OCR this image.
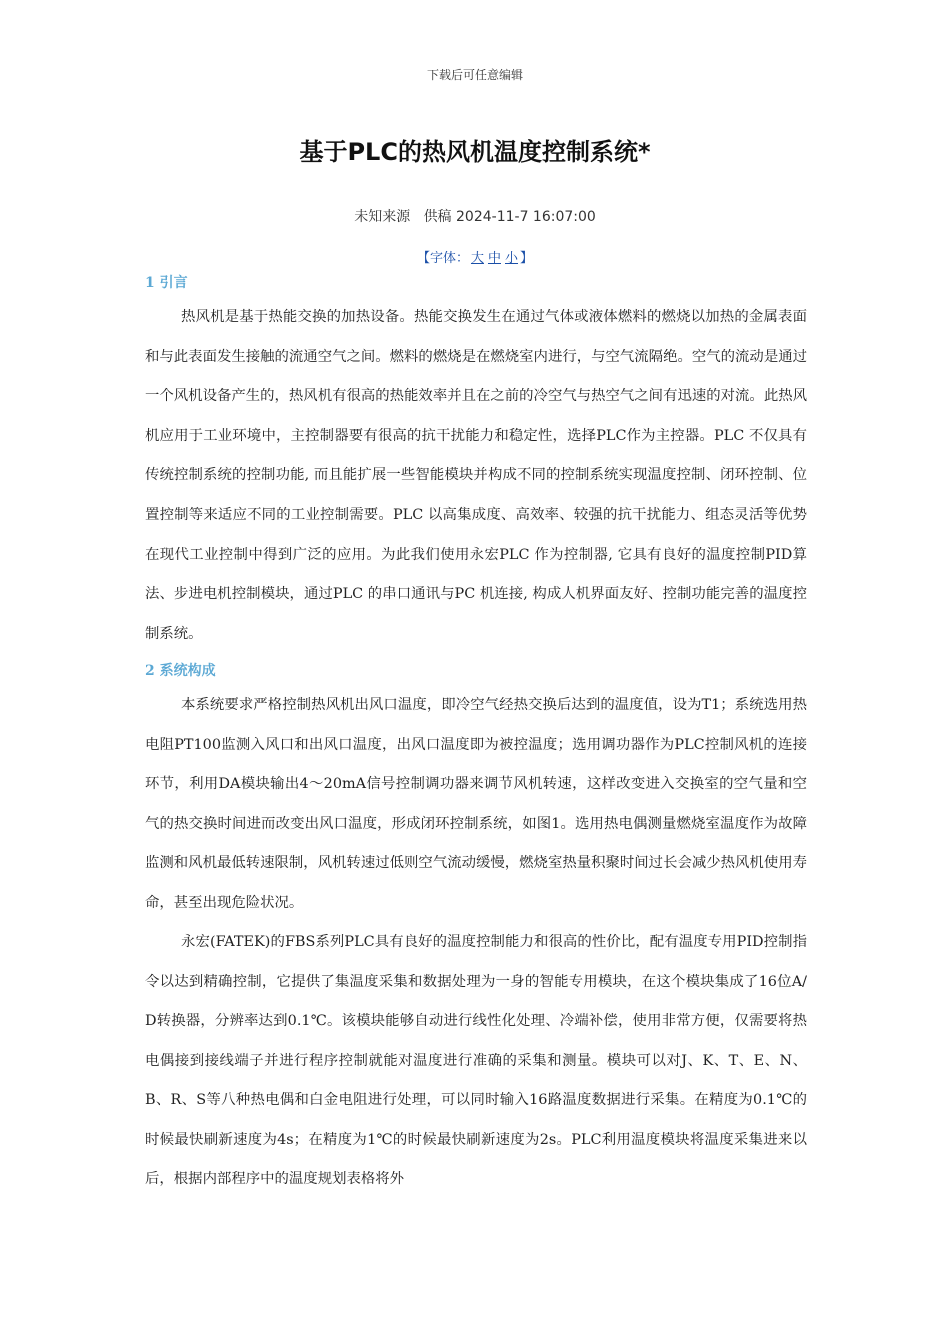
下载后可任意编辑
基于PLC的热风机温度控制系统*
未知来源 供稿 2024-11-7 16:07:00
【字体： 大 中 小 】
1 引言

热风机是基于热能交换的加热设备。热能交换发生在通过气体或液体燃料的燃烧以加热的金属表面和与此表面发生接触的流通空气之间。燃料的燃烧是在燃烧室内进行，与空气流隔绝。空气的流动是通过一个风机设备产生的，热风机有很高的热能效率并且在之前的冷空气与热空气之间有迅速的对流。此热风机应用于工业环境中，主控制器要有很高的抗干扰能力和稳定性，选择PLC作为主控器。PLC 不仅具有传统控制系统的控制功能, 而且能扩展一些智能模块并构成不同的控制系统实现温度控制、闭环控制、位置控制等来适应不同的工业控制需要。PLC 以高集成度、高效率、较强的抗干扰能力、组态灵活等优势在现代工业控制中得到广泛的应用。为此我们使用永宏PLC 作为控制器, 它具有良好的温度控制PID算法、步进电机控制模块，通过PLC 的串口通讯与PC 机连接, 构成人机界面友好、控制功能完善的温度控制系统。

2 系统构成

本系统要求严格控制热风机出风口温度，即冷空气经热交换后达到的温度值，设为T1；系统选用热电阻PT100监测入风口和出风口温度，出风口温度即为被控温度；选用调功器作为PLC控制风机的连接环节，利用DA模块输出4～20mA信号控制调功器来调节风机转速，这样改变进入交换室的空气量和空气的热交换时间进而改变出风口温度，形成闭环控制系统，如图1。选用热电偶测量燃烧室温度作为故障监测和风机最低转速限制，风机转速过低则空气流动缓慢，燃烧室热量积聚时间过长会减少热风机使用寿命，甚至出现危险状况。

永宏(FATEK)的FBS系列PLC具有良好的温度控制能力和很高的性价比，配有温度专用PID控制指令以达到精确控制，它提供了集温度采集和数据处理为一身的智能专用模块，在这个模块集成了16位A/D转换器，分辨率达到0.1℃。该模块能够自动进行线性化处理、冷端补偿，使用非常方便，仅需要将热电偶接到接线端子并进行程序控制就能对温度进行准确的采集和测量。模块可以对J、K、T、E、N、B、R、S等八种热电偶和白金电阻进行处理，可以同时输入16路温度数据进行采集。在精度为0.1℃的时候最快刷新速度为4s；在精度为1℃的时候最快刷新速度为2s。PLC利用温度模块将温度采集进来以后，根据内部程序中的温度规划表格将外
